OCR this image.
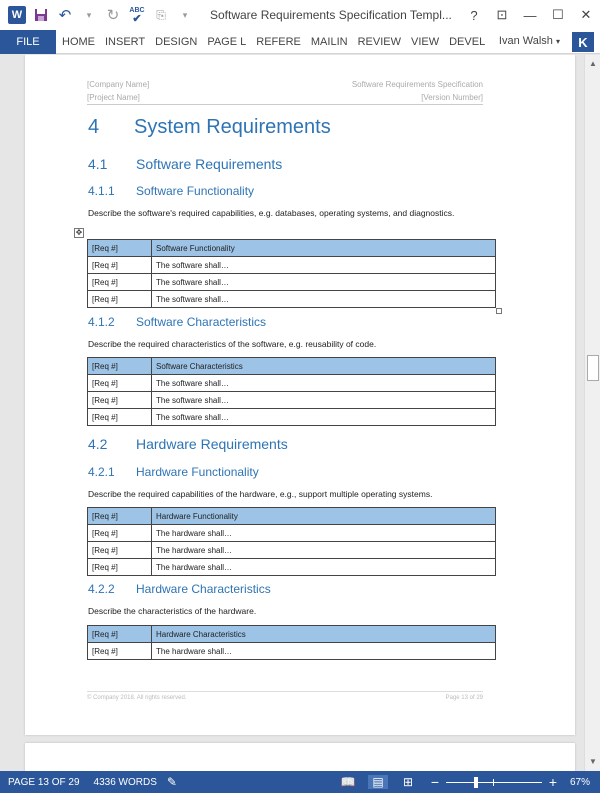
W	↶	▾	↻	ABC
✔	⎘	▾	Software Requirements Specification Templ...	?	⊡	—	☐	✕
FILE	HOME INSERT DESIGN PAGE L REFERE MAILIN REVIEW VIEW DEVEL	Ivan Walsh ▾	K
[Company Name]	Software Requirements Specification
[Project Name]	[Version Number]
4 System Requirements
4.1 Software Requirements
4.1.1 Software Functionality
Describe the software's required capabilities, e.g. databases, operating systems, and diagnostics.
✥
[Req #]	Software Functionality
[Req #]	The software shall…
[Req #]	The software shall…
[Req #]	The software shall…
4.1.2 Software Characteristics
Describe the required characteristics of the software, e.g. reusability of code.
[Req #]	Software Characteristics
[Req #]	The software shall…
[Req #]	The software shall…
[Req #]	The software shall…
4.2 Hardware Requirements
4.2.1 Hardware Functionality
Describe the required capabilities of the hardware, e.g., support multiple operating systems.
[Req #]	Hardware Functionality
[Req #]	The hardware shall…
[Req #]	The hardware shall…
[Req #]	The hardware shall…
4.2.2 Hardware Characteristics
Describe the characteristics of the hardware.
[Req #]	Hardware Characteristics
[Req #]	The hardware shall…
© Company 2018. All rights reserved.	Page 13 of 29
▲
▼
PAGE 13 OF 29 4336 WORDS ✎	📖	▤	⊞	−	+ 67%
